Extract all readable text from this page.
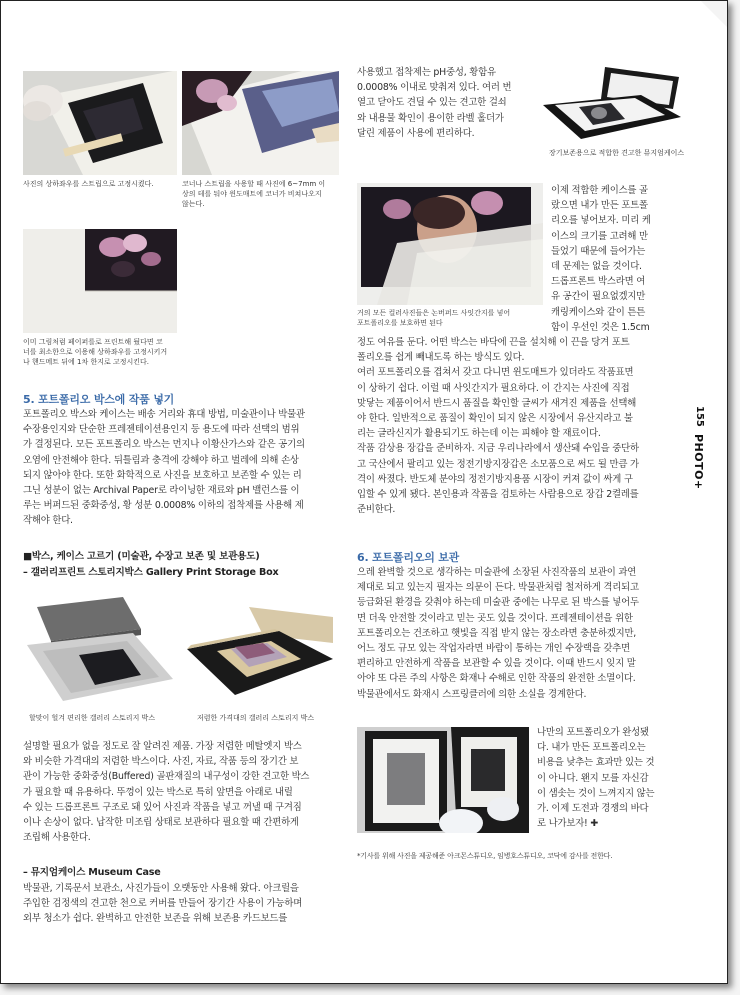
사진의 상하좌우를 스트립으로 고정시켰다.	코너나 스트립을 사용할 때 사진에 6~7mm 이
상의 테를 둬야 윈도매트에 코너가 비쳐나오지
않는다.

이미 그림처럼 페이퍼를로 프린트해 뒀다면 코
너를 최소한으로 이용해 상하좌우를 고정시키거
나 핸드메트 뒤에 1차 한지로 고정시킨다.

5. 포트폴리오 박스에 작품 넣기

포트폴리오 박스와 케이스는 배송 거리와 휴대 방법, 미술관이나 박물관
수장용인지와 단순한 프레젠테이션용인지 등 용도에 따라 선택의 범위
가 결정된다. 모든 포트폴리오 박스는 먼지나 이황산가스와 같은 공기의
오염에 안전해야 한다. 뒤틀림과 충격에 강해야 하고 벌레에 의해 손상
되지 않아야 한다. 또한 화학적으로 사진을 보호하고 보존할 수 있는 리
그닌 성분이 없는 Archival Paper로 라이닝한 재료와 pH 밸런스를 이
루는 버퍼드된 중화중성, 황 성분 0.0008% 이하의 접착제를 사용해 제
작해야 한다.

■박스, 케이스 고르기 (미술관, 수장고 보존 및 보관용도)
– 갤러리프린트 스토리지박스 Gallery Print Storage Box

할맞이 헐겨 편리한 갤러리 스토리지 박스	저렴한 가격대의 갤러리 스토리지 박스

설명할 필요가 없을 정도로 잘 알려진 제품. 가장 저렴한 메탈엣지 박스
와 비슷한 가격대의 저렴한 박스이다. 사진, 자료, 작품 등의 장기간 보
관이 가능한 중화중성(Buffered) 골판재질의 내구성이 강한 견고한 박스
가 필요할 때 유용하다. 뚜껑이 있는 박스로 특히 앞면을 아래로 내릴
수 있는 드롭프론트 구조로 돼 있어 사진과 작품을 넣고 꺼낼 때 구겨짐
이나 손상이 없다. 납작한 미조립 상태로 보관하다 필요할 때 간편하게
조립해 사용한다.

– 뮤지엄케이스 Museum Case

박물관, 기록문서 보관소, 사진가들이 오랫동안 사용해 왔다. 아크릴을
주입한 검정색의 견고한 천으로 커버를 만들어 장기간 사용이 가능하며
외부 청소가 쉽다. 완벽하고 안전한 보존을 위해 보존용 카드보드를

사용했고 접착제는 pH중성, 황함유
0.0008% 이내로 맞춰져 있다. 여러 번
열고 닫아도 견딜 수 있는 견고한 걸쇠
와 내용물 확인이 용이한 라벨 홀더가
달린 제품이 사용에 편리하다.

장기보존용으로 적합한 견고한 뮤지엄케이스

거의 모든 컬러사진들은 논버퍼드 사잇간지를 넣어
포트폴리오를 보호하면 된다

이제 적합한 케이스를 골
랐으면 내가 만든 포트폴
리오를 넣어보자. 미리 케
이스의 크기를 고려해 만
들었기 때문에 들어가는
데 문제는 없을 것이다.
드롭프론트 박스라면 여
유 공간이 필요없겠지만
캐링케이스와 같이 튼튼
함이 우선인 것은 1.5cm

정도 여유를 둔다. 어떤 박스는 바닥에 끈을 설치해 이 끈을 당겨 포트
폴리오를 쉽게 빼내도록 하는 방식도 있다.
여러 포트폴리오를 겹쳐서 갖고 다니면 윈도매트가 있더라도 작품표면
이 상하기 쉽다. 이럴 때 사잇간지가 필요하다. 이 간지는 사진에 직접
맞닿는 제품이어서 반드시 품질을 확인할 글씨가 새겨진 제품을 선택해
야 한다. 일반적으로 품질이 확인이 되지 않은 시장에서 유산지라고 불
리는 글라신지가 활용되기도 하는데 이는 피해야 할 재료이다.
작품 감상용 장갑을 준비하자. 지금 우리나라에서 생산돼 수입을 중단하
고 국산에서 팔리고 있는 정전기방지장갑은 소모품으로 써도 될 만큼 가
격이 싸졌다. 반도체 분야의 정전기방지용품 시장이 커져 값이 싸게 구
입할 수 있게 됐다. 본인용과 작품을 검토하는 사람용으로 장갑 2켤레를
준비한다.

6. 포트폴리오의 보관

으레 완벽할 것으로 생각하는 미술관에 소장된 사진작품의 보관이 과연
제대로 되고 있는지 필자는 의문이 든다. 박물관처럼 철저하게 격리되고
등급화된 환경을 갖춰야 하는데 미술관 중에는 나무로 된 박스를 넣어두
면 더욱 안전할 것이라고 믿는 곳도 있을 것이다. 프레젠테이션을 위한
포트폴리오는 건조하고 햇빛을 직접 받지 않는 장소라면 충분하겠지만,
어느 정도 규모 있는 작업자라면 바람이 통하는 개인 수장랙을 갖추면
편리하고 안전하게 작품을 보관할 수 있을 것이다. 이때 반드시 잊지 말
아야 또 다른 주의 사항은 화재나 수해로 인한 작품의 완전한 소멸이다.
박물관에서도 화재시 스프링클러에 의한 소실을 경계한다.

나만의 포트폴리오가 완성됐
다. 내가 만든 포트폴리오는
비용을 낮추는 효과만 있는 것
이 아니다. 왠지 모를 자신감
이 샘솟는 것이 느껴지지 않는
가. 이제 도전과 경쟁의 바다
로 나가보자! ✚

*기사를 위해 사진을 제공해준 아크몬스튜디오, 임병호스튜디오, 코닥에 감사를 전한다.

155
PHOTO+
